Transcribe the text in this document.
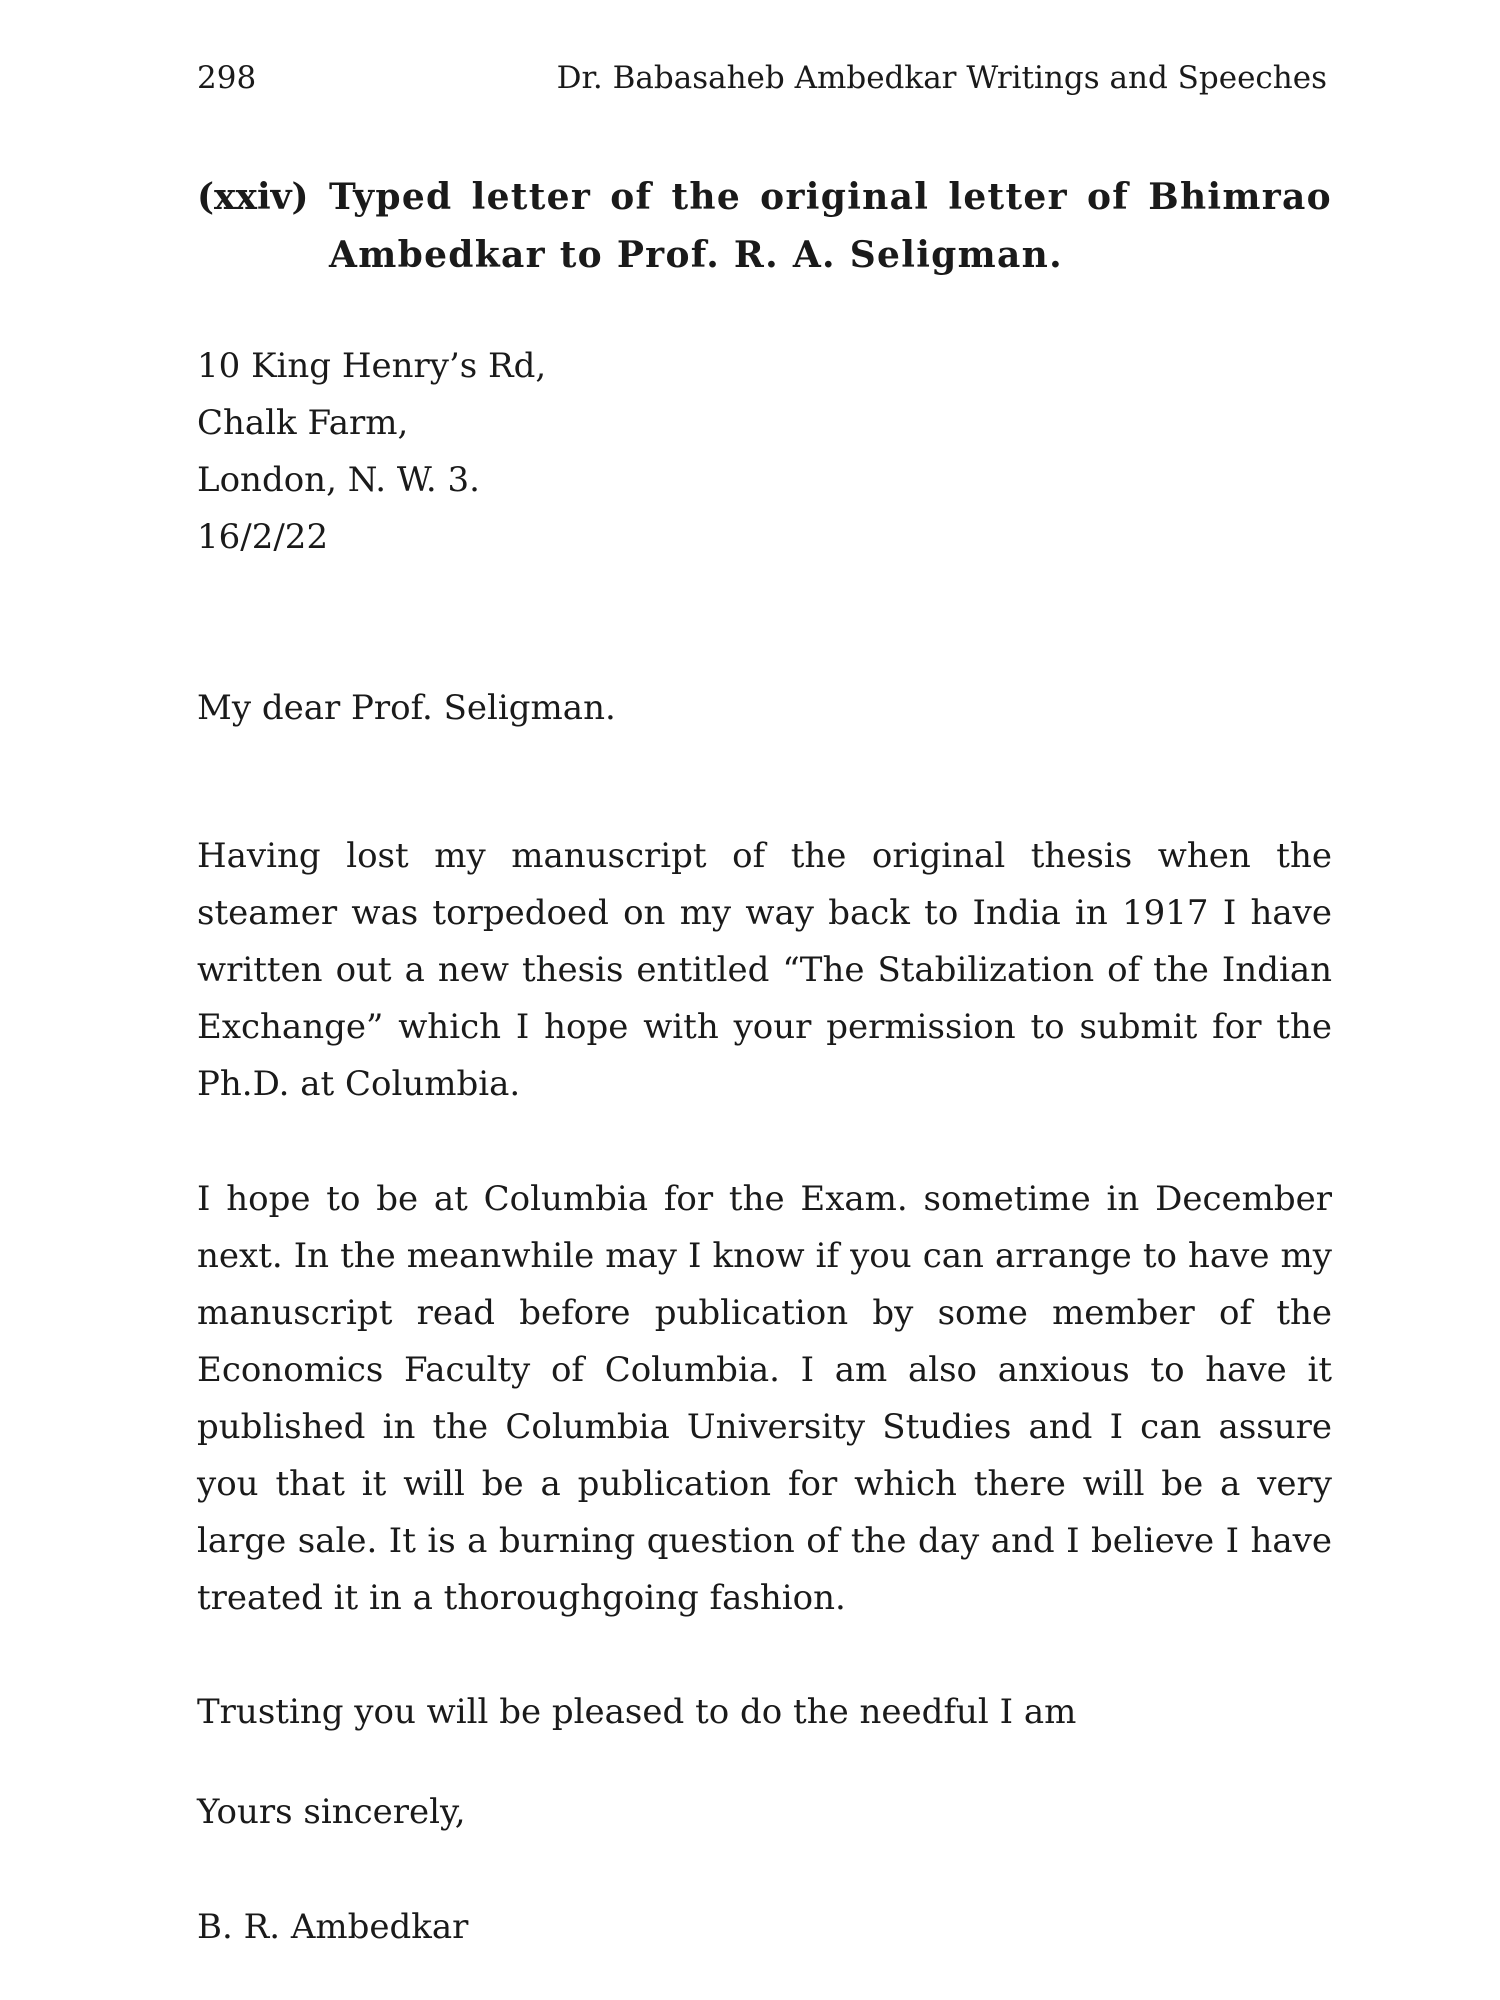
298	Dr. Babasaheb Ambedkar Writings and Speeches
(xxiv) Typed letter of the original letter of Bhimrao Ambedkar to Prof. R. A. Seligman.
10 King Henry’s Rd,
Chalk Farm,
London, N. W. 3.
16/2/22
My dear Prof. Seligman.

Having lost my manuscript of the original thesis when the steamer was torpedoed on my way back to India in 1917 I have written out a new thesis entitled “The Stabilization of the Indian Exchange” which I hope with your permission to submit for the Ph.D. at Columbia.

I hope to be at Columbia for the Exam. sometime in December next. In the meanwhile may I know if you can arrange to have my manuscript read before publication by some member of the Economics Faculty of Columbia. I am also anxious to have it published in the Columbia University Studies and I can assure you that it will be a publication for which there will be a very large sale. It is a burning question of the day and I believe I have treated it in a thoroughgoing fashion.

Trusting you will be pleased to do the needful I am

Yours sincerely,
B. R. Ambedkar
